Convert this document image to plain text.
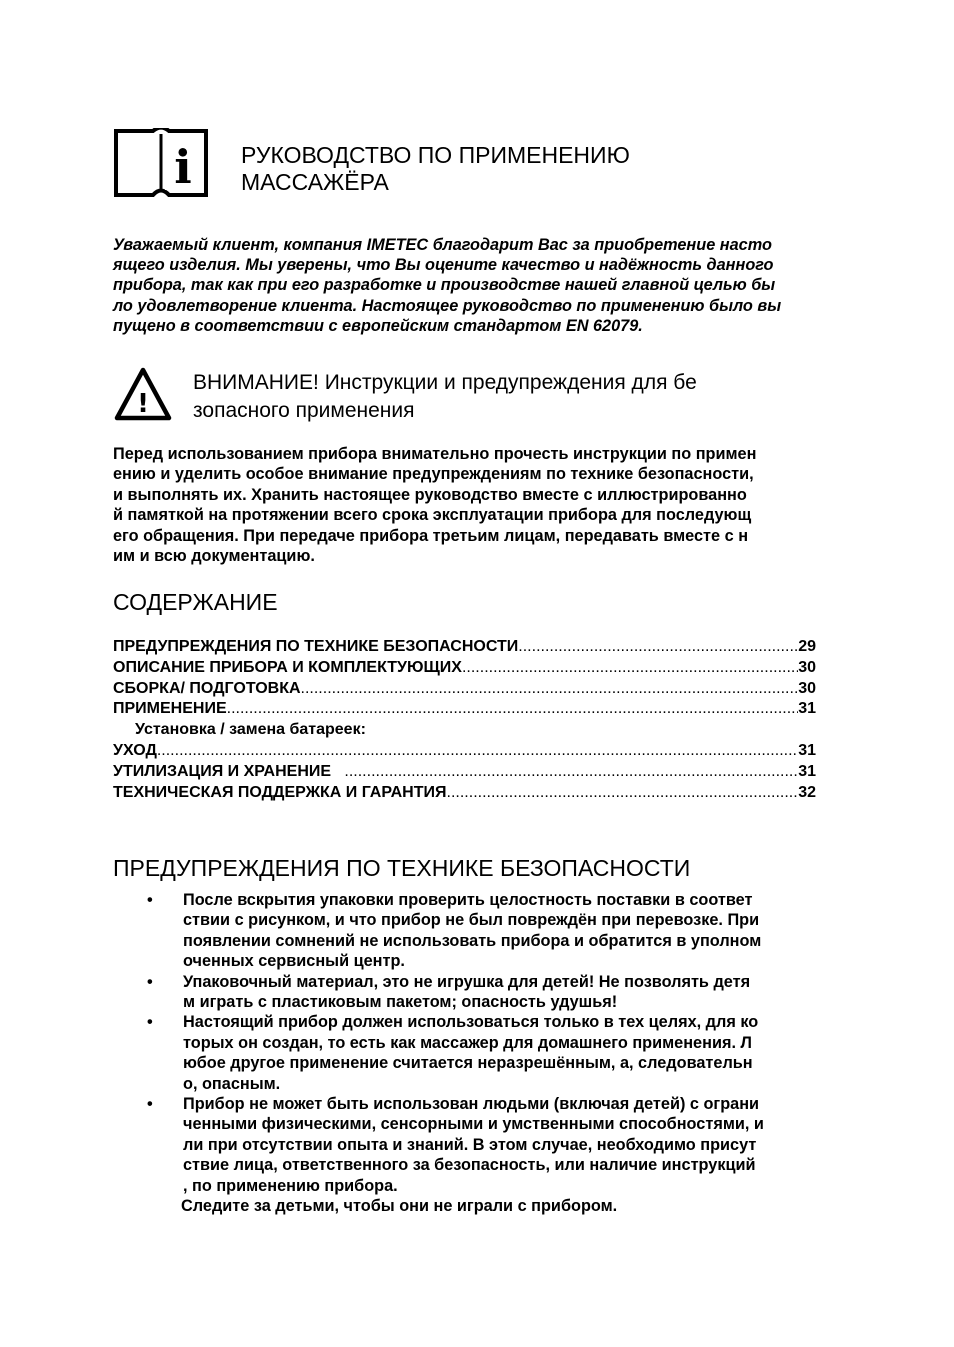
i РУКОВОДСТВО ПО ПРИМЕНЕНИЮ
МАССАЖЁРА
Уважаемый клиент, компания IMETEC благодарит Вас за приобретение насто
ящего изделия. Мы уверены, что Вы оцените качество и надёжность данного
прибора, так как при его разработке и производстве нашей главной целью бы
ло удовлетворение клиента. Настоящее руководство по применению было вы
пущено в соответствии с европейским стандартом EN 62079.
!
ВНИМАНИЕ! Инструкции и предупреждения для бе
зопасного применения
Перед использованием прибора внимательно прочесть инструкции по примен
ению и уделить особое внимание предупреждениям по технике безопасности,
и выполнять их. Хранить настоящее руководство вместе с иллюстрированно
й памяткой на протяжении всего срока эксплуатации прибора для последующ
его обращения. При передаче прибора третьим лицам, передавать вместе с н
им и всю документацию.
СОДЕРЖАНИЕ
ПРЕДУПРЕЖДЕНИЯ ПО ТЕХНИКЕ БЕЗОПАСНОСТИ .....	29
ОПИСАНИЕ ПРИБОРА И КОМПЛЕКТУЮЩИХ .....	30
СБОРКА/ ПОДГОТОВКА .....	30
ПРИМЕНЕНИЕ .....	31
Установка / замена батареек:
УХОД .....	31
УТИЛИЗАЦИЯ И ХРАНЕНИЕ .....	31
ТЕХНИЧЕСКАЯ ПОДДЕРЖКА И ГАРАНТИЯ .....	32
ПРЕДУПРЕЖДЕНИЯ ПО ТЕХНИКЕ БЕЗОПАСНОСТИ
• После вскрытия упаковки проверить целостность поставки в соответ
ствии с рисунком, и что прибор не был повреждён при перевозке. При
появлении сомнений не использовать прибора и обратится в уполном
оченных сервисный центр.
• Упаковочный материал, это не игрушка для детей! Не позволять детя
м играть с пластиковым пакетом; опасность удушья!
• Настоящий прибор должен использоваться только в тех целях, для ко
торых он создан, то есть как массажер для домашнего применения. Л
юбое другое применение считается неразрешённым, а, следовательн
о, опасным.
• Прибор не может быть использован людьми (включая детей) с ограни
ченными физическими, сенсорными и умственными способностями, и
ли при отсутствии опыта и знаний. В этом случае, необходимо присут
ствие лица, ответственного за безопасность, или наличие инструкций
, по применению прибора.
Следите за детьми, чтобы они не играли с прибором.
